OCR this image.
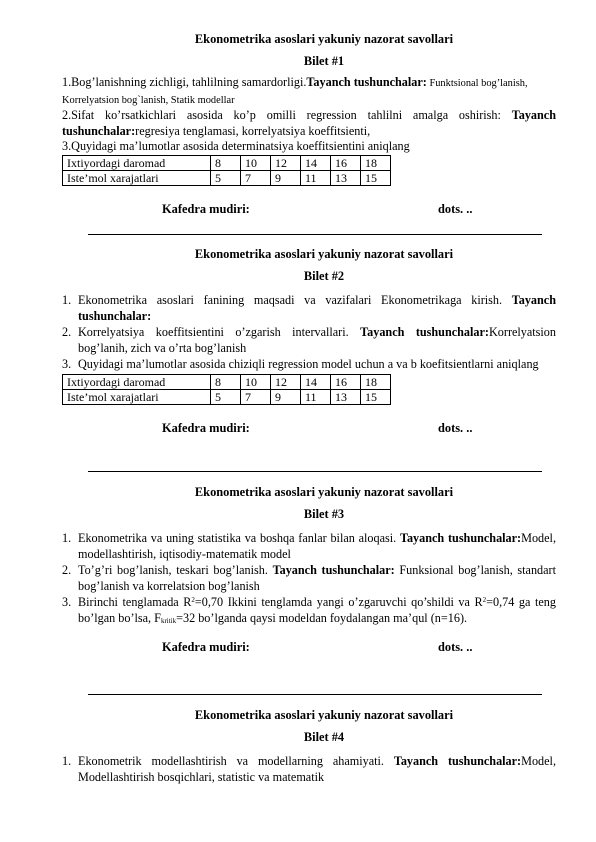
Ekonometrika asoslari yakuniy nazorat savollari
Bilet #1

1.Bog’lanishning zichligi, tahlilning samardorligi.Tayanch tushunchalar: Funktsional bog’lanish, Korrelyatsion bog`lanish, Statik modellar

2.Sifat ko’rsatkichlari asosida ko’p omilli regression tahlilni amalga oshirish: Tayanch tushunchalar:regresiya tenglamasi, korrelyatsiya koeffitsienti,

3.Quyidagi ma’lumotlar asosida determinatsiya koeffitsientini aniqlang

Ixtiyordagi daromad	8	10	12	14	16	18
Iste’mol xarajatlari	5	7	9	11	13	15
Kafedra mudiri:	dots. ..
Ekonometrika asoslari yakuniy nazorat savollari
Bilet #2
1. Ekonometrika asoslari fanining maqsadi va vazifalari Ekonometrikaga kirish. Tayanch tushunchalar:
2. Korrelyatsiya koeffitsientini o’zgarish intervallari. Tayanch tushunchalar:Korrelyatsion bog’lanih, zich va o’rta bog’lanish
3. Quyidagi ma’lumotlar asosida chiziqli regression model uchun a va b koefitsientlarni aniqlang
Ixtiyordagi daromad	8	10	12	14	16	18
Iste’mol xarajatlari	5	7	9	11	13	15
Kafedra mudiri:	dots. ..
Ekonometrika asoslari yakuniy nazorat savollari
Bilet #3
1. Ekonometrika va uning statistika va boshqa fanlar bilan aloqasi. Tayanch tushunchalar:Model, modellashtirish, iqtisodiy-matematik model
2. To’g’ri bog’lanish, teskari bog’lanish. Tayanch tushunchalar: Funksional bog’lanish, standart bog’lanish va korrelatsion bog’lanish
3. Birinchi tenglamada $R^2=0,70$ Ikkini tenglamda yangi o’zgaruvchi qo’shildi va $R^2=0,74$ ga teng bo’lgan bo’lsa, $F_{kritik}=32$ bo’lganda qaysi modeldan foydalangan ma’qul (n=16).
Kafedra mudiri:	dots. ..
Ekonometrika asoslari yakuniy nazorat savollari
Bilet #4
1. Ekonometrik modellashtirish va modellarning ahamiyati. Tayanch tushunchalar:Model, Modellashtirish bosqichlari, statistic va matematik
